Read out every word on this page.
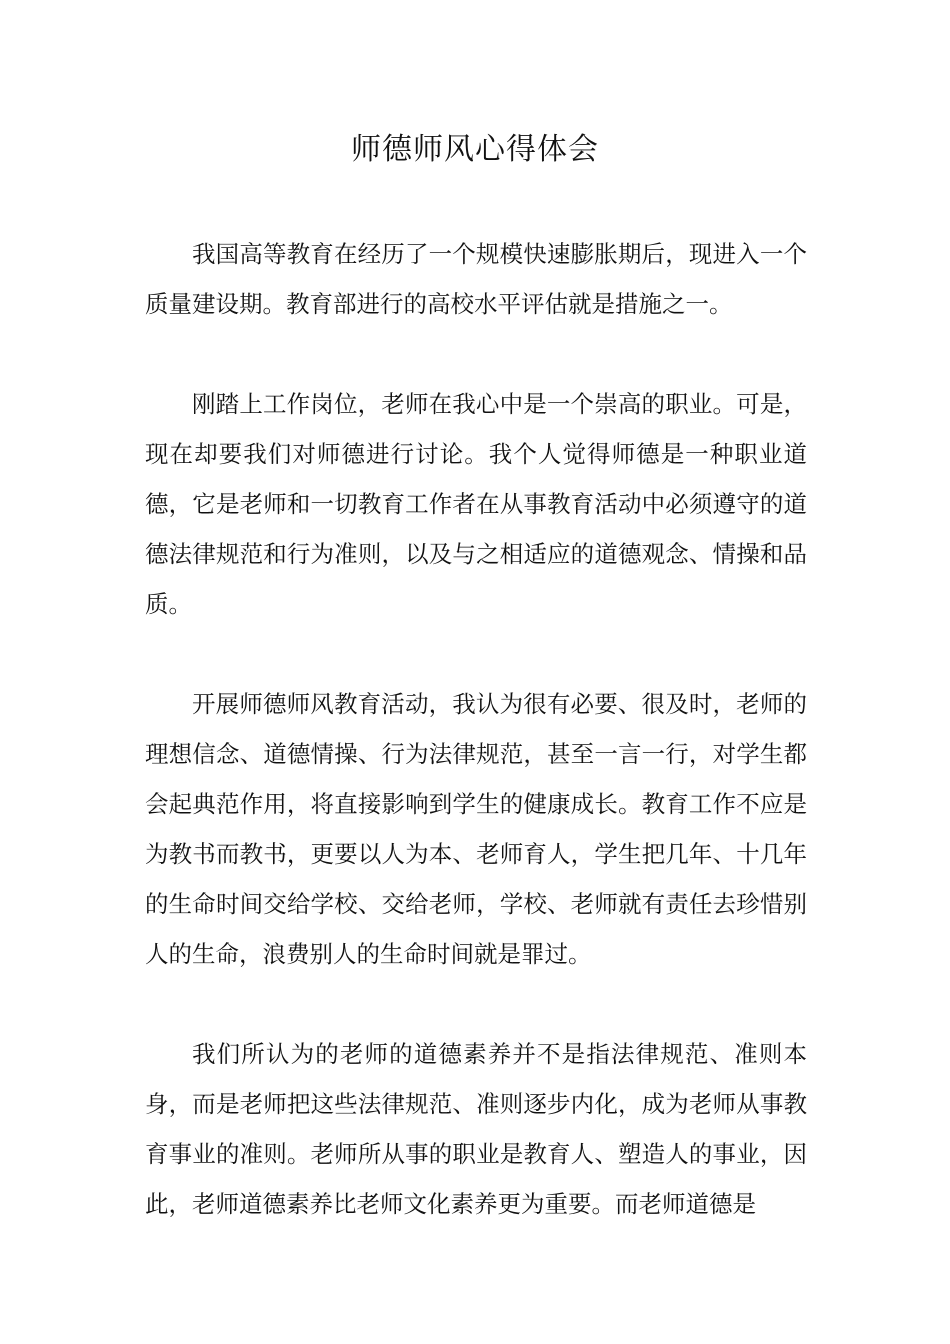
师德师风心得体会

我国高等教育在经历了一个规模快速膨胀期后，现进入一个质量建设期。教育部进行的高校水平评估就是措施之一。

刚踏上工作岗位，老师在我心中是一个崇高的职业。可是，现在却要我们对师德进行讨论。我个人觉得师德是一种职业道德，它是老师和一切教育工作者在从事教育活动中必须遵守的道德法律规范和行为准则，以及与之相适应的道德观念、情操和品质。

开展师德师风教育活动，我认为很有必要、很及时，老师的理想信念、道德情操、行为法律规范，甚至一言一行，对学生都会起典范作用，将直接影响到学生的健康成长。教育工作不应是为教书而教书，更要以人为本、老师育人，学生把几年、十几年的生命时间交给学校、交给老师，学校、老师就有责任去珍惜别人的生命，浪费别人的生命时间就是罪过。

我们所认为的老师的道德素养并不是指法律规范、准则本身，而是老师把这些法律规范、准则逐步内化，成为老师从事教育事业的准则。老师所从事的职业是教育人、塑造人的事业，因此，老师道德素养比老师文化素养更为重要。而老师道德是
